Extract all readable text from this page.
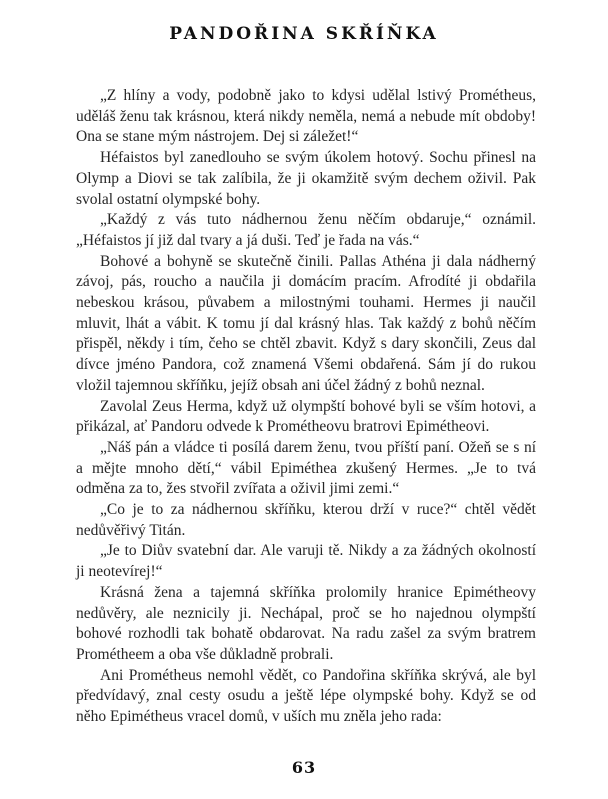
PANDOŘINA SKŘÍŇKA

„Z hlíny a vody, podobně jako to kdysi udělal lstivý Prométheus, uděláš ženu tak krásnou, která nikdy neměla, nemá a nebude mít obdoby! Ona se stane mým nástrojem. Dej si záležet!“

Héfaistos byl zanedlouho se svým úkolem hotový. Sochu přinesl na Olymp a Diovi se tak zalíbila, že ji okamžitě svým dechem oživil. Pak svolal ostatní olympské bohy.

„Každý z vás tuto nádhernou ženu něčím obdaruje,“ oznámil. „Héfaistos jí již dal tvary a já duši. Teď je řada na vás.“

Bohové a bohyně se skutečně činili. Pallas Athéna ji dala nádherný závoj, pás, roucho a naučila ji domácím pracím. Afrodíté ji obdařila nebeskou krásou, půvabem a milostnými touhami. Hermes ji naučil mluvit, lhát a vábit. K tomu jí dal krásný hlas. Tak každý z bohů něčím přispěl, někdy i tím, čeho se chtěl zbavit. Když s dary skončili, Zeus dal dívce jméno Pandora, což znamená Všemi obdařená. Sám jí do rukou vložil tajemnou skříňku, jejíž obsah ani účel žádný z bohů neznal.

Zavolal Zeus Herma, když už olympští bohové byli se vším hotovi, a přikázal, ať Pandoru odvede k Prométheovu bratrovi Epimétheovi.

„Náš pán a vládce ti posílá darem ženu, tvou příští paní. Ožeň se s ní a mějte mnoho dětí,“ vábil Epiméthea zkušený Hermes. „Je to tvá odměna za to, žes stvořil zvířata a oživil jimi zemi.“

„Co je to za nádhernou skříňku, kterou drží v ruce?“ chtěl vědět nedůvěřivý Titán.

„Je to Diův svatební dar. Ale varuji tě. Nikdy a za žádných okolností ji neotevírej!“

Krásná žena a tajemná skříňka prolomily hranice Epimétheovy nedůvěry, ale neznicily ji. Nechápal, proč se ho najednou olympští bohové rozhodli tak bohatě obdarovat. Na radu zašel za svým bratrem Prométheem a oba vše důkladně probrali.

Ani Prométheus nemohl vědět, co Pandořina skříňka skrývá, ale byl předvídavý, znal cesty osudu a ještě lépe olympské bohy. Když se od něho Epimétheus vracel domů, v uších mu zněla jeho rada:

63
